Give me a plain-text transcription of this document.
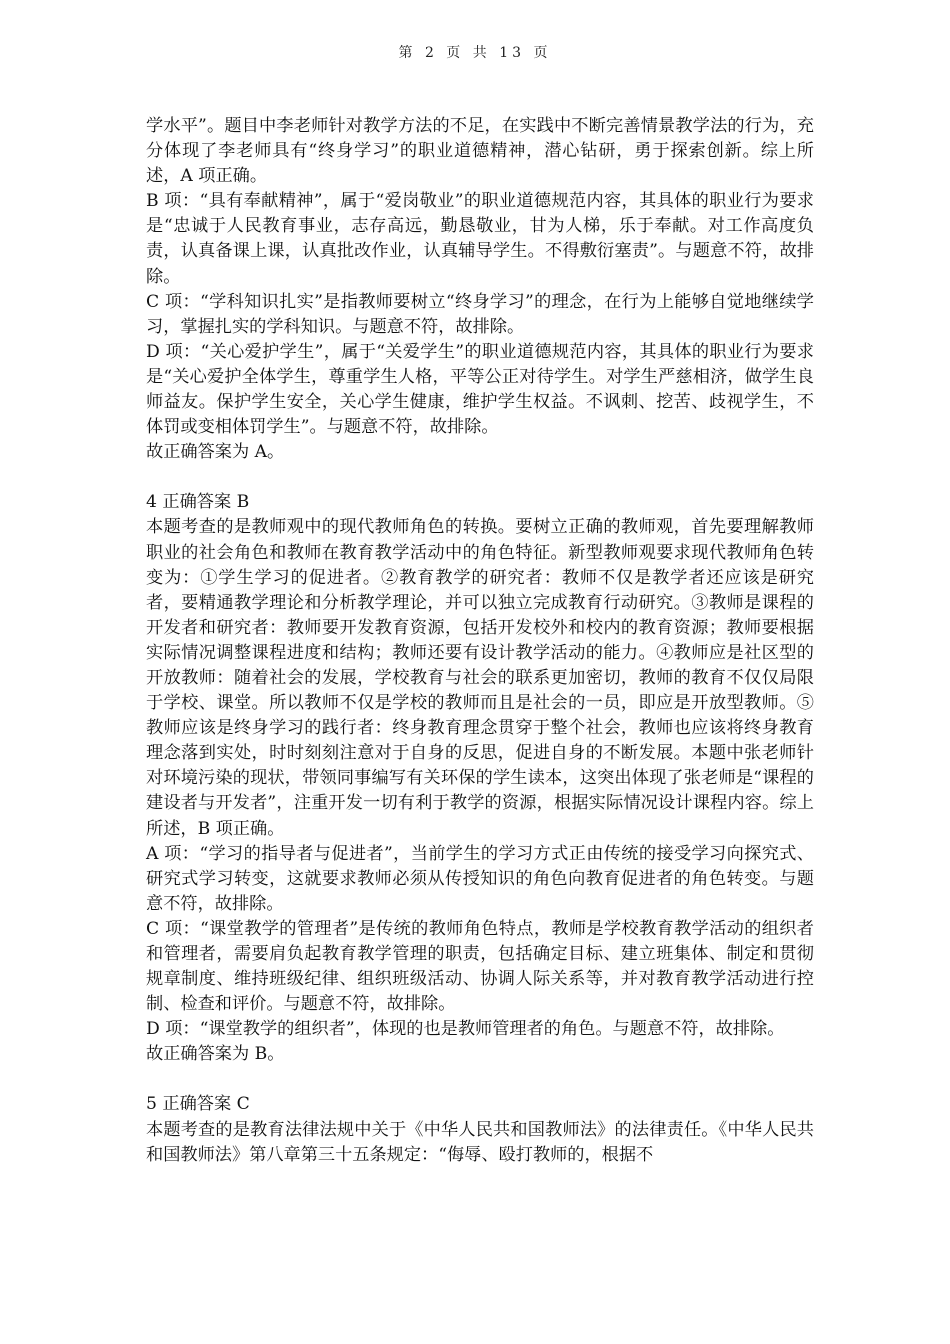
第 2 页 共 13 页

学水平”。题目中李老师针对教学方法的不足，在实践中不断完善情景教学法的行为，充分体现了李老师具有“终身学习”的职业道德精神，潜心钻研，勇于探索创新。综上所述，A 项正确。

B 项：“具有奉献精神”，属于“爱岗敬业”的职业道德规范内容，其具体的职业行为要求是“忠诚于人民教育事业，志存高远，勤恳敬业，甘为人梯，乐于奉献。对工作高度负责，认真备课上课，认真批改作业，认真辅导学生。不得敷衍塞责”。与题意不符，故排除。

C 项：“学科知识扎实”是指教师要树立“终身学习”的理念，在行为上能够自觉地继续学习，掌握扎实的学科知识。与题意不符，故排除。

D 项：“关心爱护学生”，属于“关爱学生”的职业道德规范内容，其具体的职业行为要求是“关心爱护全体学生，尊重学生人格，平等公正对待学生。对学生严慈相济，做学生良师益友。保护学生安全，关心学生健康，维护学生权益。不讽刺、挖苦、歧视学生，不体罚或变相体罚学生”。与题意不符，故排除。

故正确答案为 A。

4 正确答案 B

本题考查的是教师观中的现代教师角色的转换。要树立正确的教师观，首先要理解教师职业的社会角色和教师在教育教学活动中的角色特征。新型教师观要求现代教师角色转变为：①学生学习的促进者。②教育教学的研究者：教师不仅是教学者还应该是研究者，要精通教学理论和分析教学理论，并可以独立完成教育行动研究。③教师是课程的开发者和研究者：教师要开发教育资源，包括开发校外和校内的教育资源；教师要根据实际情况调整课程进度和结构；教师还要有设计教学活动的能力。④教师应是社区型的开放教师：随着社会的发展，学校教育与社会的联系更加密切，教师的教育不仅仅局限于学校、课堂。所以教师不仅是学校的教师而且是社会的一员，即应是开放型教师。⑤教师应该是终身学习的践行者：终身教育理念贯穿于整个社会，教师也应该将终身教育理念落到实处，时时刻刻注意对于自身的反思，促进自身的不断发展。本题中张老师针对环境污染的现状，带领同事编写有关环保的学生读本，这突出体现了张老师是“课程的建设者与开发者”，注重开发一切有利于教学的资源，根据实际情况设计课程内容。综上所述，B 项正确。

A 项：“学习的指导者与促进者”，当前学生的学习方式正由传统的接受学习向探究式、研究式学习转变，这就要求教师必须从传授知识的角色向教育促进者的角色转变。与题意不符，故排除。

C 项：“课堂教学的管理者”是传统的教师角色特点，教师是学校教育教学活动的组织者和管理者，需要肩负起教育教学管理的职责，包括确定目标、建立班集体、制定和贯彻规章制度、维持班级纪律、组织班级活动、协调人际关系等，并对教育教学活动进行控制、检查和评价。与题意不符，故排除。

D 项：“课堂教学的组织者”，体现的也是教师管理者的角色。与题意不符，故排除。

故正确答案为 B。

5 正确答案 C

本题考查的是教育法律法规中关于《中华人民共和国教师法》的法律责任。《中华人民共和国教师法》第八章第三十五条规定：“侮辱、殴打教师的，根据不
